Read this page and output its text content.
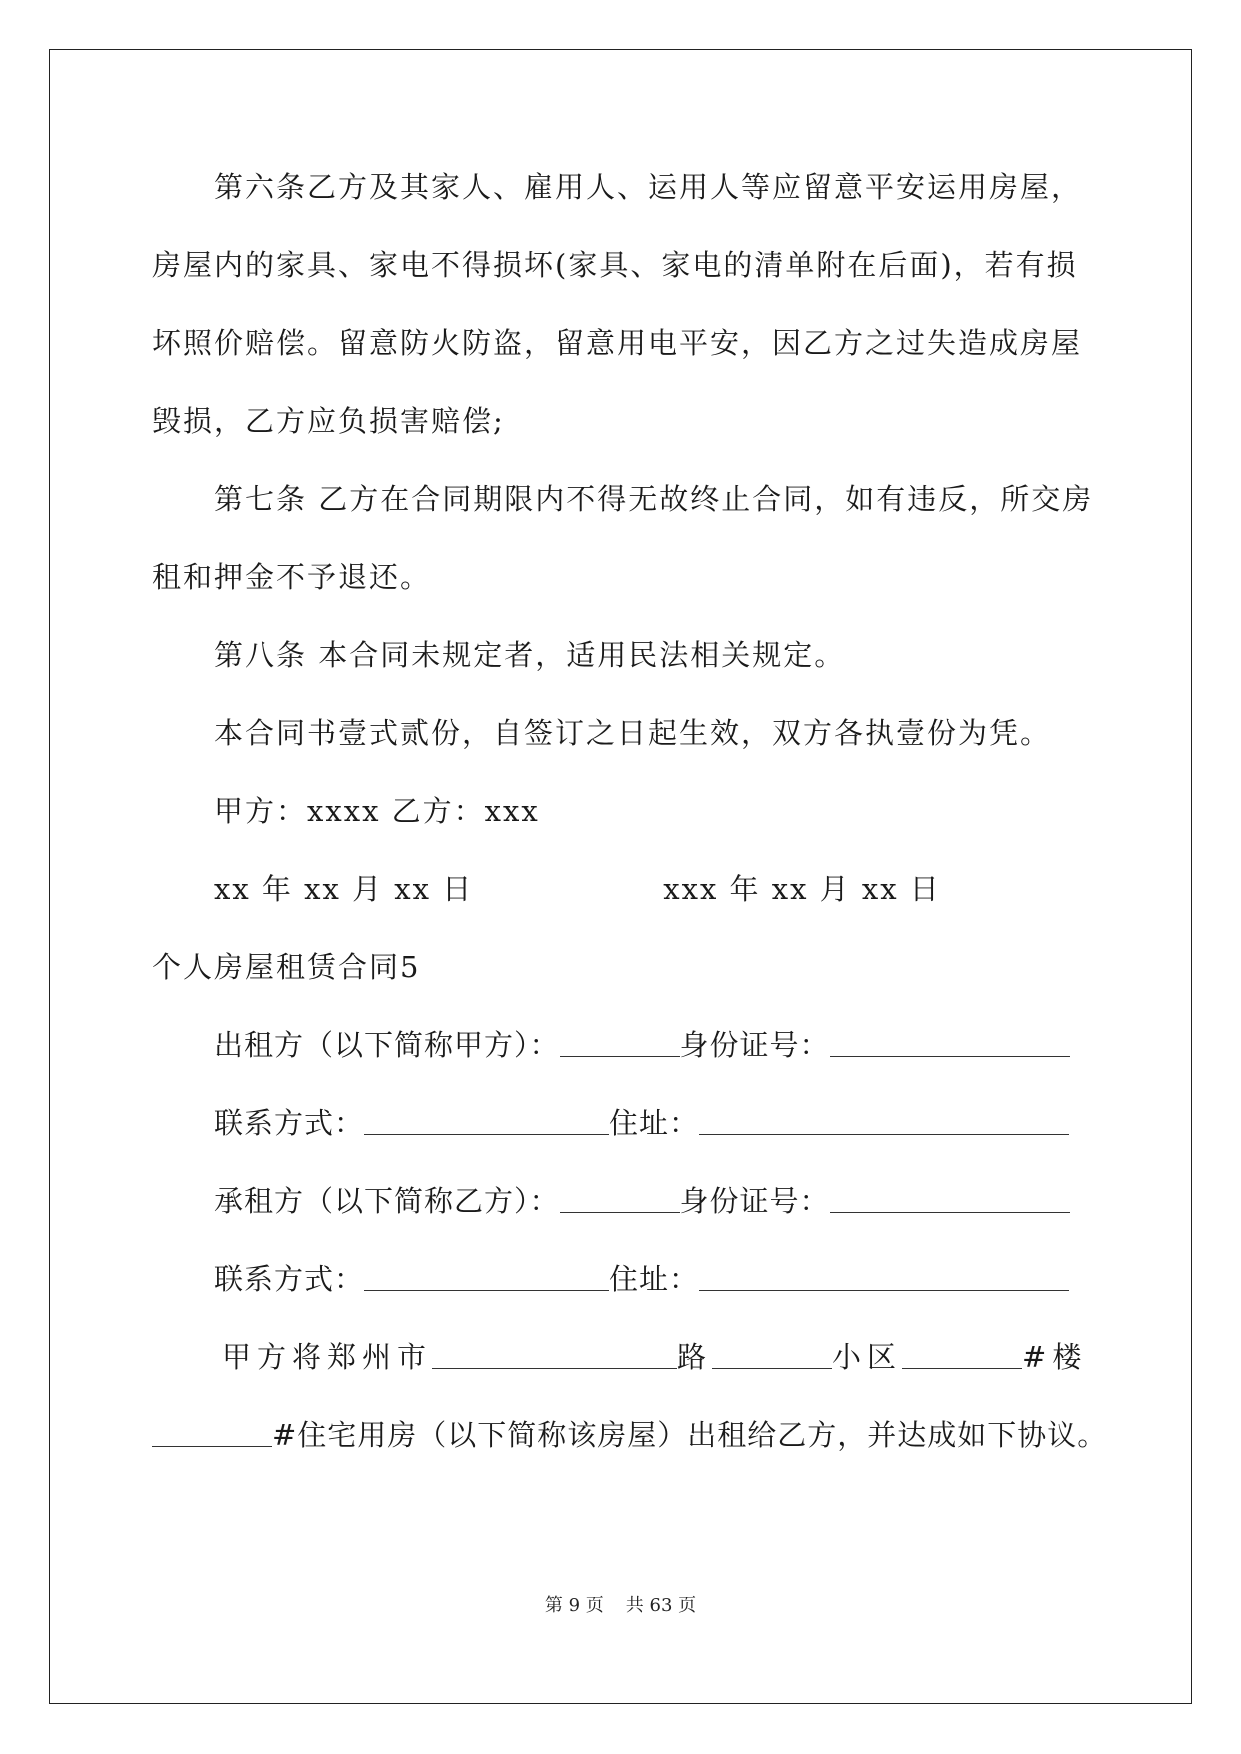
第六条乙方及其家人、雇用人、运用人等应留意平安运用房屋，
房屋内的家具、家电不得损坏(家具、家电的清单附在后面)，若有损
坏照价赔偿。留意防火防盗，留意用电平安，因乙方之过失造成房屋
毁损，乙方应负损害赔偿;
第七条 乙方在合同期限内不得无故终止合同，如有违反，所交房
租和押金不予退还。
第八条 本合同未规定者，适用民法相关规定。
本合同书壹式贰份，自签订之日起生效，双方各执壹份为凭。
甲方：xxxx 乙方：xxx
xx 年 xx 月 xx 日	xxx 年 xx 月 xx 日
个人房屋租赁合同5
出租方（以下简称甲方）：	身份证号：
联系方式：	住址：
承租方（以下简称乙方）：	身份证号：
联系方式：	住址：
甲方将郑州市	路	小区	#楼
#住宅用房（以下简称该房屋）出租给乙方，并达成如下协议。
第 9 页 共 63 页
